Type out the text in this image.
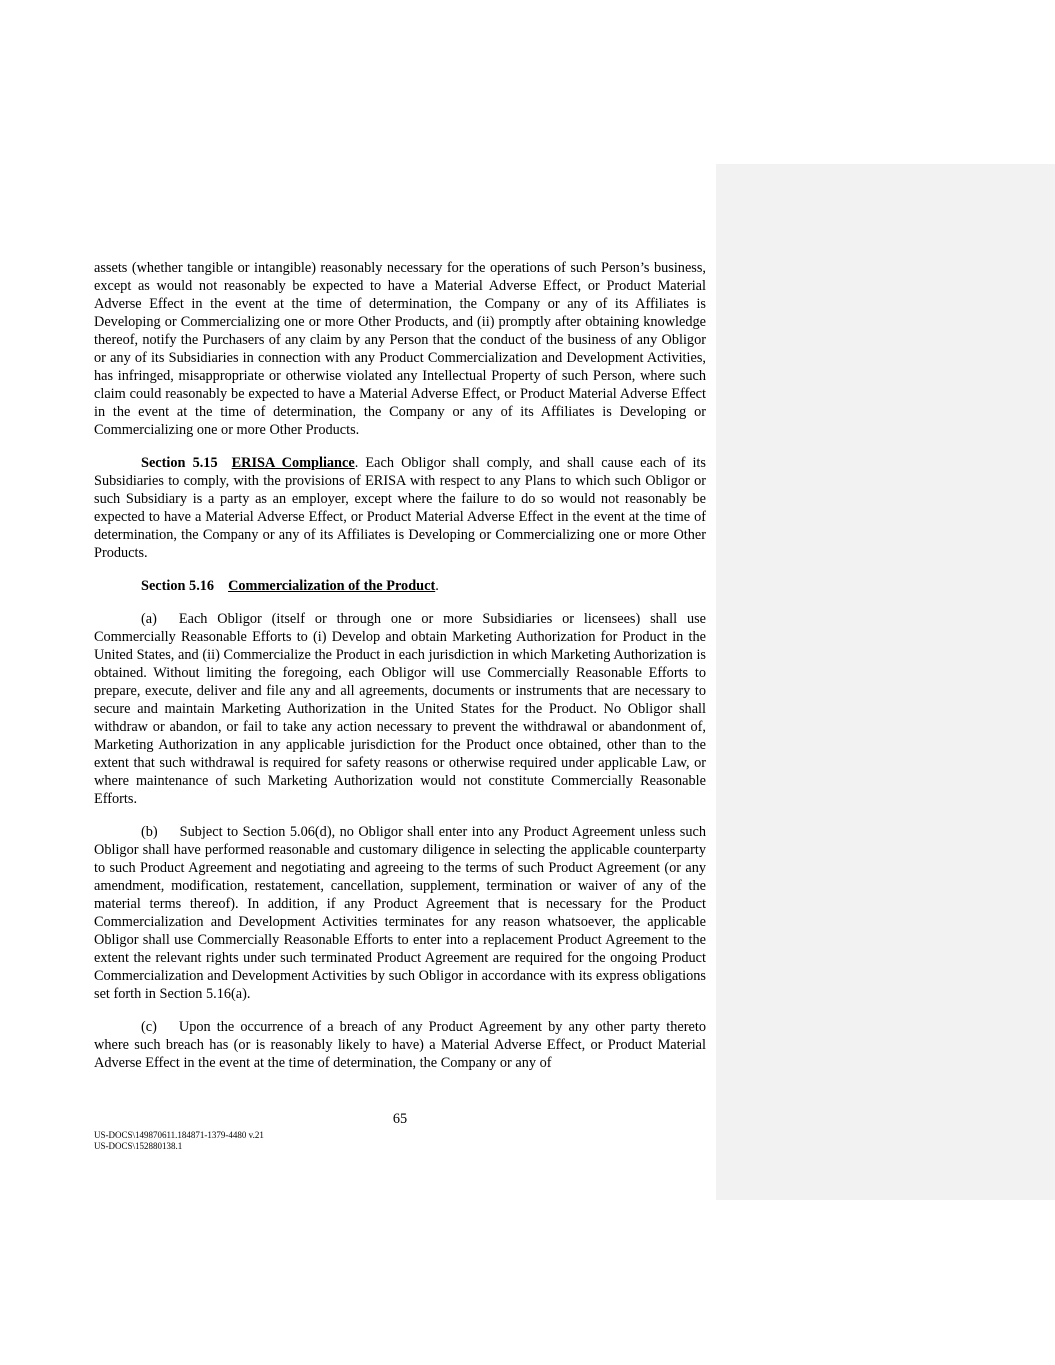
assets (whether tangible or intangible) reasonably necessary for the operations of such Person’s business, except as would not reasonably be expected to have a Material Adverse Effect, or Product Material Adverse Effect in the event at the time of determination, the Company or any of its Affiliates is Developing or Commercializing one or more Other Products, and (ii) promptly after obtaining knowledge thereof, notify the Purchasers of any claim by any Person that the conduct of the business of any Obligor or any of its Subsidiaries in connection with any Product Commercialization and Development Activities, has infringed, misappropriate or otherwise violated any Intellectual Property of such Person, where such claim could reasonably be expected to have a Material Adverse Effect, or Product Material Adverse Effect in the event at the time of determination, the Company or any of its Affiliates is Developing or Commercializing one or more Other Products.

Section 5.15 ERISA Compliance. Each Obligor shall comply, and shall cause each of its Subsidiaries to comply, with the provisions of ERISA with respect to any Plans to which such Obligor or such Subsidiary is a party as an employer, except where the failure to do so would not reasonably be expected to have a Material Adverse Effect, or Product Material Adverse Effect in the event at the time of determination, the Company or any of its Affiliates is Developing or Commercializing one or more Other Products.

Section 5.16 Commercialization of the Product.

(a) Each Obligor (itself or through one or more Subsidiaries or licensees) shall use Commercially Reasonable Efforts to (i) Develop and obtain Marketing Authorization for Product in the United States, and (ii) Commercialize the Product in each jurisdiction in which Marketing Authorization is obtained. Without limiting the foregoing, each Obligor will use Commercially Reasonable Efforts to prepare, execute, deliver and file any and all agreements, documents or instruments that are necessary to secure and maintain Marketing Authorization in the United States for the Product. No Obligor shall withdraw or abandon, or fail to take any action necessary to prevent the withdrawal or abandonment of, Marketing Authorization in any applicable jurisdiction for the Product once obtained, other than to the extent that such withdrawal is required for safety reasons or otherwise required under applicable Law, or where maintenance of such Marketing Authorization would not constitute Commercially Reasonable Efforts.

(b) Subject to Section 5.06(d), no Obligor shall enter into any Product Agreement unless such Obligor shall have performed reasonable and customary diligence in selecting the applicable counterparty to such Product Agreement and negotiating and agreeing to the terms of such Product Agreement (or any amendment, modification, restatement, cancellation, supplement, termination or waiver of any of the material terms thereof). In addition, if any Product Agreement that is necessary for the Product Commercialization and Development Activities terminates for any reason whatsoever, the applicable Obligor shall use Commercially Reasonable Efforts to enter into a replacement Product Agreement to the extent the relevant rights under such terminated Product Agreement are required for the ongoing Product Commercialization and Development Activities by such Obligor in accordance with its express obligations set forth in Section 5.16(a).

(c) Upon the occurrence of a breach of any Product Agreement by any other party thereto where such breach has (or is reasonably likely to have) a Material Adverse Effect, or Product Material Adverse Effect in the event at the time of determination, the Company or any of

65
US-DOCS\149870611.184871-1379-4480 v.21
US-DOCS\152880138.1
